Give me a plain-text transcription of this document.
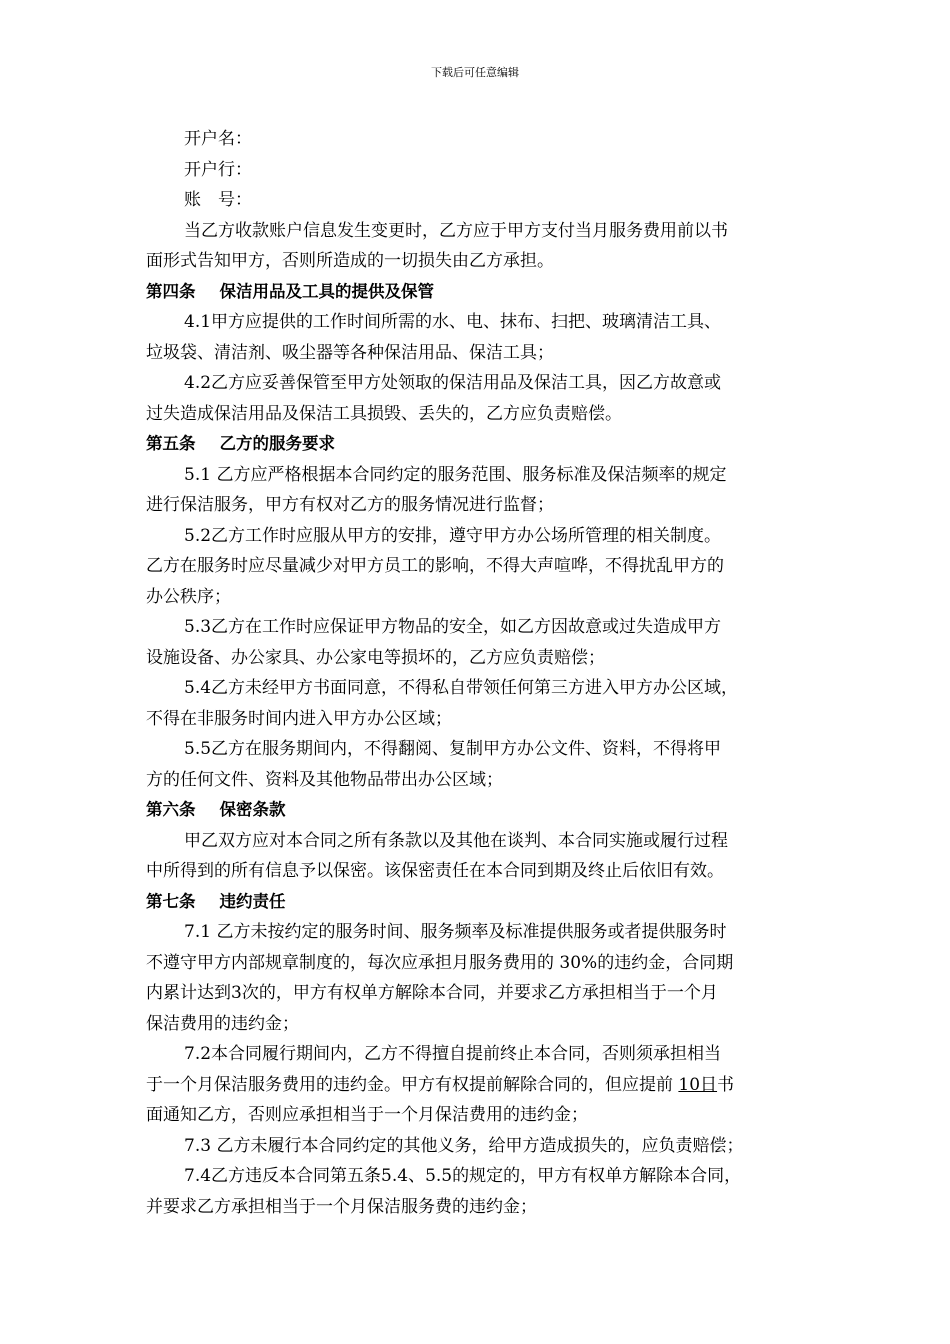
下载后可任意编辑
开户名：
开户行：
账　号：
当乙方收款账户信息发生变更时，乙方应于甲方支付当月服务费用前以书
面形式告知甲方，否则所造成的一切损失由乙方承担。
第四条 保洁用品及工具的提供及保管
4.1甲方应提供的工作时间所需的水、电、抹布、扫把、玻璃清洁工具、
垃圾袋、清洁剂、吸尘器等各种保洁用品、保洁工具；
4.2乙方应妥善保管至甲方处领取的保洁用品及保洁工具，因乙方故意或
过失造成保洁用品及保洁工具损毁、丢失的，乙方应负责赔偿。
第五条 乙方的服务要求
5.1 乙方应严格根据本合同约定的服务范围、服务标准及保洁频率的规定
进行保洁服务，甲方有权对乙方的服务情况进行监督；
5.2乙方工作时应服从甲方的安排，遵守甲方办公场所管理的相关制度。
乙方在服务时应尽量减少对甲方员工的影响，不得大声喧哗，不得扰乱甲方的
办公秩序；
5.3乙方在工作时应保证甲方物品的安全，如乙方因故意或过失造成甲方
设施设备、办公家具、办公家电等损坏的，乙方应负责赔偿；
5.4乙方未经甲方书面同意，不得私自带领任何第三方进入甲方办公区域，
不得在非服务时间内进入甲方办公区域；
5.5乙方在服务期间内，不得翻阅、复制甲方办公文件、资料，不得将甲
方的任何文件、资料及其他物品带出办公区域；
第六条 保密条款
甲乙双方应对本合同之所有条款以及其他在谈判、本合同实施或履行过程
中所得到的所有信息予以保密。该保密责任在本合同到期及终止后依旧有效。
第七条 违约责任
7.1 乙方未按约定的服务时间、服务频率及标准提供服务或者提供服务时
不遵守甲方内部规章制度的，每次应承担月服务费用的 30%的违约金，合同期
内累计达到3次的，甲方有权单方解除本合同，并要求乙方承担相当于一个月
保洁费用的违约金；
7.2本合同履行期间内，乙方不得擅自提前终止本合同，否则须承担相当
于一个月保洁服务费用的违约金。甲方有权提前解除合同的，但应提前 10日书
面通知乙方，否则应承担相当于一个月保洁费用的违约金；
7.3 乙方未履行本合同约定的其他义务，给甲方造成损失的，应负责赔偿；
7.4乙方违反本合同第五条5.4、5.5的规定的，甲方有权单方解除本合同，
并要求乙方承担相当于一个月保洁服务费的违约金；
